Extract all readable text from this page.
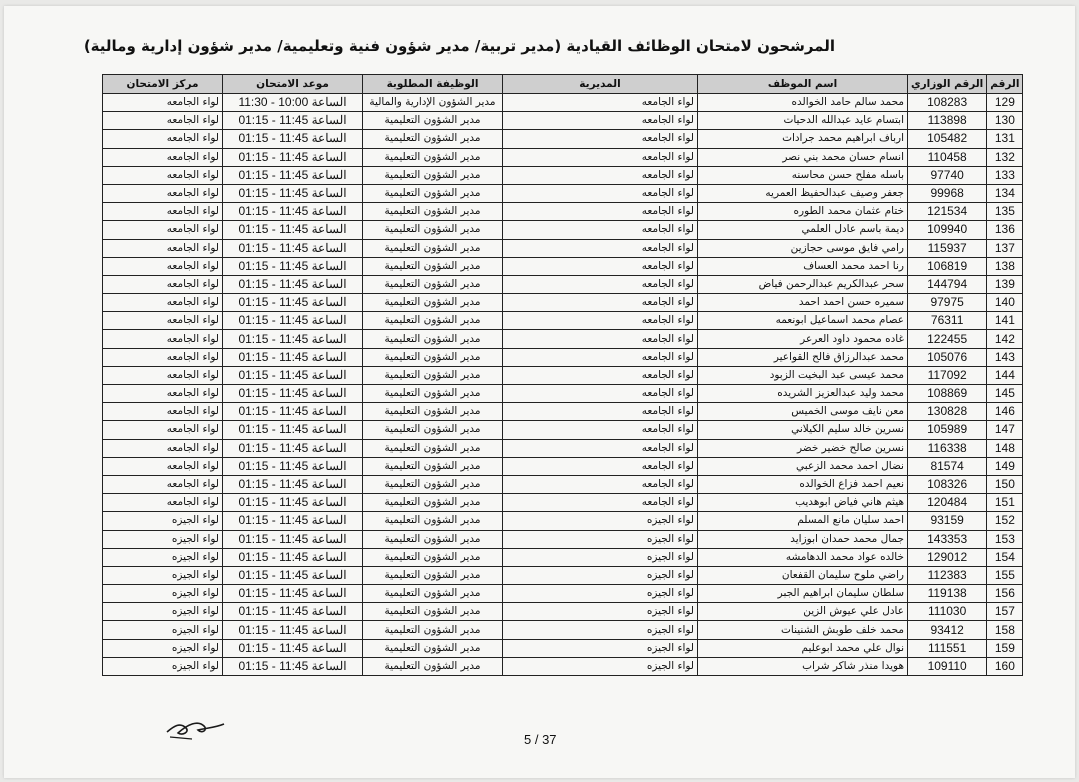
المرشحون لامتحان الوظائف القيادية (مدير تربية/ مدير شؤون فنية وتعليمية/ مدير شؤون إدارية ومالية)
الرقم	الرقم الوزاري	اسم الموظف	المديرية	الوظيفة المطلوبة	موعد الامتحان	مركز الامتحان
129	108283	محمد سالم حامد الخوالده	لواء الجامعه	مدير الشؤون الإدارية والمالية	الساعة 10:00 - 11:30	لواء الجامعه
130	113898	ابتسام عايد عبدالله الدحيات	لواء الجامعه	مدير الشؤون التعليمية	الساعة 11:45 - 01:15	لواء الجامعه
131	105482	ارباف ابراهيم محمد جرادات	لواء الجامعه	مدير الشؤون التعليمية	الساعة 11:45 - 01:15	لواء الجامعه
132	110458	انسام حسان محمد بني نصر	لواء الجامعه	مدير الشؤون التعليمية	الساعة 11:45 - 01:15	لواء الجامعه
133	97740	باسله مفلح حسن محاسنه	لواء الجامعه	مدير الشؤون التعليمية	الساعة 11:45 - 01:15	لواء الجامعه
134	99968	جعفر وصيف عبدالحفيظ العمريه	لواء الجامعه	مدير الشؤون التعليمية	الساعة 11:45 - 01:15	لواء الجامعه
135	121534	ختام عثمان محمد الطوره	لواء الجامعه	مدير الشؤون التعليمية	الساعة 11:45 - 01:15	لواء الجامعه
136	109940	ديمة باسم عادل العلمي	لواء الجامعه	مدير الشؤون التعليمية	الساعة 11:45 - 01:15	لواء الجامعه
137	115937	رامي فايق موسى حجازين	لواء الجامعه	مدير الشؤون التعليمية	الساعة 11:45 - 01:15	لواء الجامعه
138	106819	رنا احمد محمد العساف	لواء الجامعه	مدير الشؤون التعليمية	الساعة 11:45 - 01:15	لواء الجامعه
139	144794	سحر عبدالكريم عبدالرحمن فياض	لواء الجامعه	مدير الشؤون التعليمية	الساعة 11:45 - 01:15	لواء الجامعه
140	97975	سميره حسن احمد احمد	لواء الجامعه	مدير الشؤون التعليمية	الساعة 11:45 - 01:15	لواء الجامعه
141	76311	عصام محمد اسماعيل ابونعمه	لواء الجامعه	مدير الشؤون التعليمية	الساعة 11:45 - 01:15	لواء الجامعه
142	122455	غاده محمود داود العرعر	لواء الجامعه	مدير الشؤون التعليمية	الساعة 11:45 - 01:15	لواء الجامعه
143	105076	محمد عبدالرزاق فالح القواعير	لواء الجامعه	مدير الشؤون التعليمية	الساعة 11:45 - 01:15	لواء الجامعه
144	117092	محمد عيسى عبد البخيت الزبود	لواء الجامعه	مدير الشؤون التعليمية	الساعة 11:45 - 01:15	لواء الجامعه
145	108869	محمد وليد عبدالعزيز الشريده	لواء الجامعه	مدير الشؤون التعليمية	الساعة 11:45 - 01:15	لواء الجامعه
146	130828	معن نايف موسى الخميس	لواء الجامعه	مدير الشؤون التعليمية	الساعة 11:45 - 01:15	لواء الجامعه
147	105989	نسرين خالد سليم الكيلاني	لواء الجامعه	مدير الشؤون التعليمية	الساعة 11:45 - 01:15	لواء الجامعه
148	116338	نسرين صالح خضير خضر	لواء الجامعه	مدير الشؤون التعليمية	الساعة 11:45 - 01:15	لواء الجامعه
149	81574	نضال احمد محمد الزعبي	لواء الجامعه	مدير الشؤون التعليمية	الساعة 11:45 - 01:15	لواء الجامعه
150	108326	نعيم احمد فزاع الخوالده	لواء الجامعه	مدير الشؤون التعليمية	الساعة 11:45 - 01:15	لواء الجامعه
151	120484	هيثم هاني فياض ابوهديب	لواء الجامعه	مدير الشؤون التعليمية	الساعة 11:45 - 01:15	لواء الجامعه
152	93159	احمد سليان مانع المسلم	لواء الجيزه	مدير الشؤون التعليمية	الساعة 11:45 - 01:15	لواء الجيزه
153	143353	جمال محمد حمدان ابوزايد	لواء الجيزه	مدير الشؤون التعليمية	الساعة 11:45 - 01:15	لواء الجيزه
154	129012	خالده عواد محمد الدهامشه	لواء الجيزه	مدير الشؤون التعليمية	الساعة 11:45 - 01:15	لواء الجيزه
155	112383	راضي ملوح سليمان القفعان	لواء الجيزه	مدير الشؤون التعليمية	الساعة 11:45 - 01:15	لواء الجيزه
156	119138	سلطان سليمان ابراهيم الجبر	لواء الجيزه	مدير الشؤون التعليمية	الساعة 11:45 - 01:15	لواء الجيزه
157	111030	عادل علي عيوش الزين	لواء الجيزه	مدير الشؤون التعليمية	الساعة 11:45 - 01:15	لواء الجيزه
158	93412	محمد خلف طوبش الشنينات	لواء الجيزه	مدير الشؤون التعليمية	الساعة 11:45 - 01:15	لواء الجيزه
159	111551	نوال علي محمد ابوعليم	لواء الجيزه	مدير الشؤون التعليمية	الساعة 11:45 - 01:15	لواء الجيزه
160	109110	هويدا منذر شاكر شراب	لواء الجيزه	مدير الشؤون التعليمية	الساعة 11:45 - 01:15	لواء الجيزه
5 / 37
